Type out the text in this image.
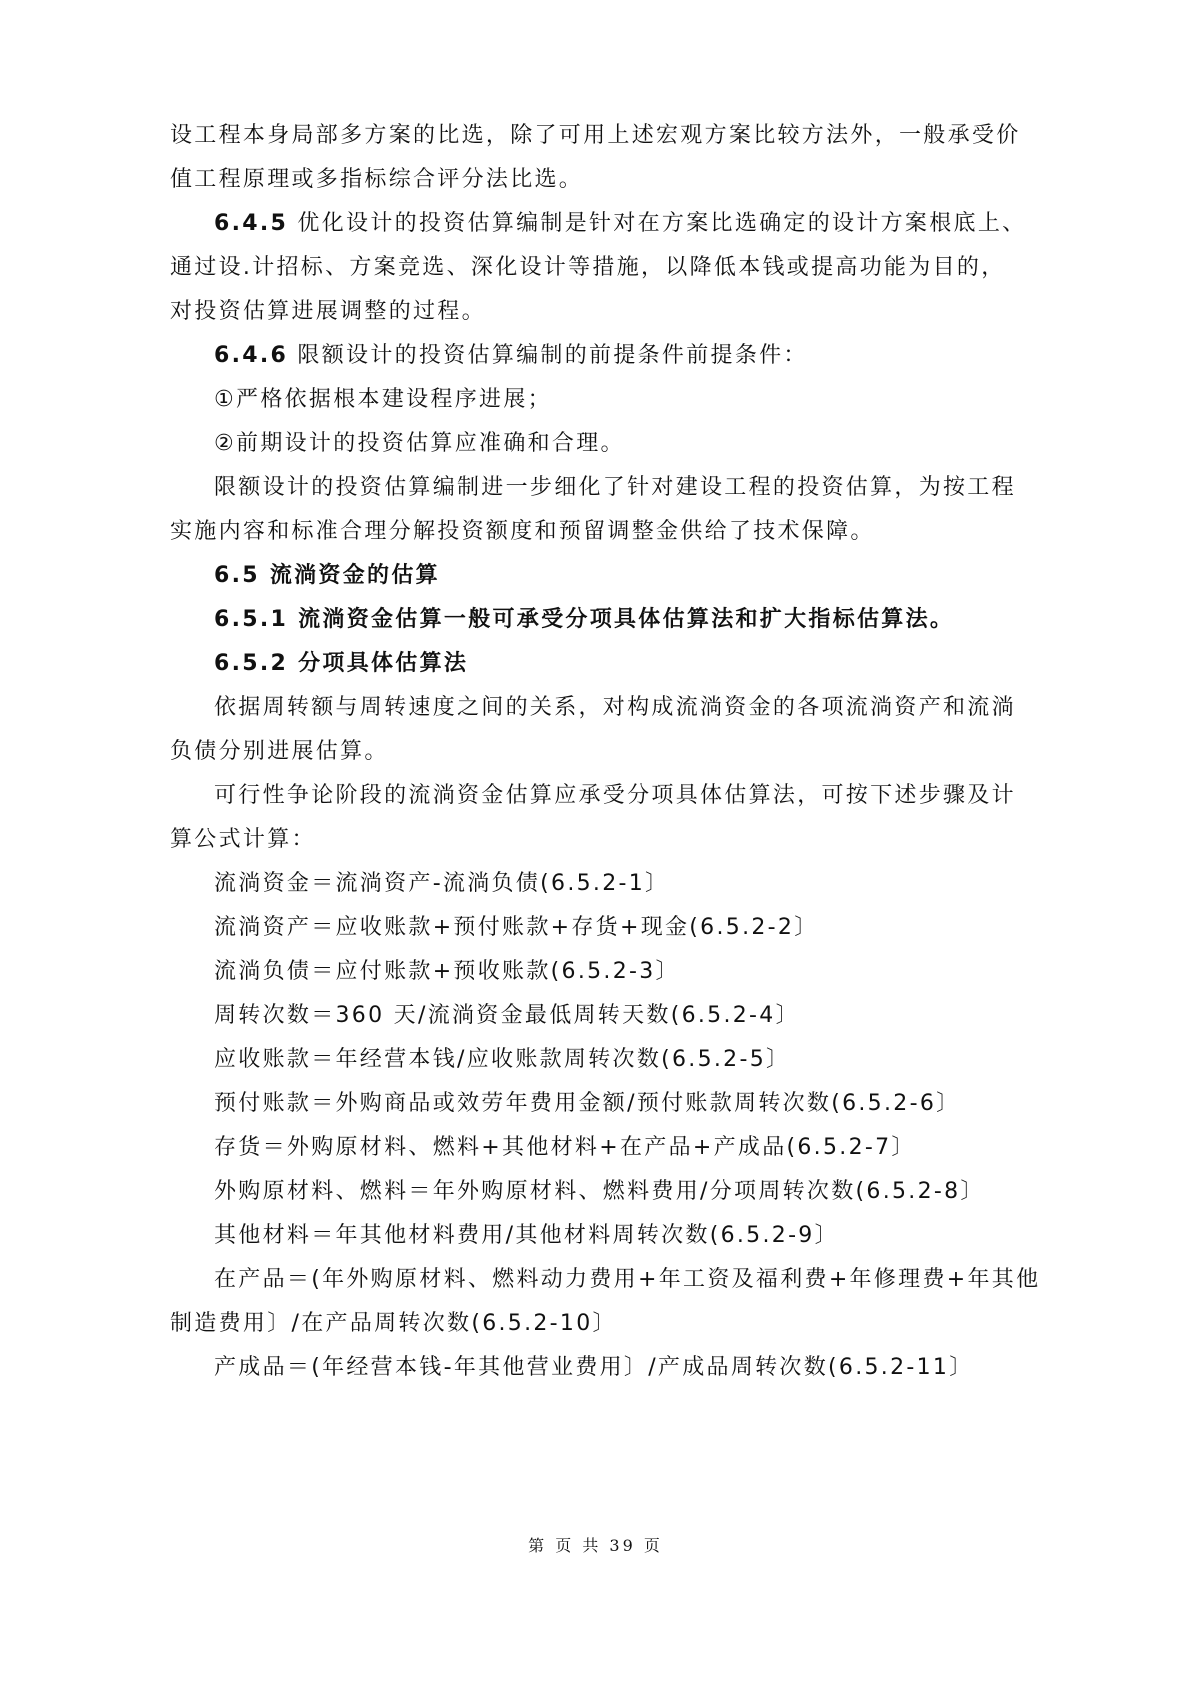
设工程本身局部多方案的比选，除了可用上述宏观方案比较方法外，一般承受价
值工程原理或多指标综合评分法比选。
6.4.5 优化设计的投资估算编制是针对在方案比选确定的设计方案根底上、
通过设.计招标、方案竞选、深化设计等措施，以降低本钱或提高功能为目的，
对投资估算进展调整的过程。
6.4.6 限额设计的投资估算编制的前提条件前提条件：
①严格依据根本建设程序进展；
②前期设计的投资估算应准确和合理。
限额设计的投资估算编制进一步细化了针对建设工程的投资估算，为按工程
实施内容和标准合理分解投资额度和预留调整金供给了技术保障。
6.5 流淌资金的估算
6.5.1 流淌资金估算一般可承受分项具体估算法和扩大指标估算法。
6.5.2 分项具体估算法
依据周转额与周转速度之间的关系，对构成流淌资金的各项流淌资产和流淌
负债分别进展估算。
可行性争论阶段的流淌资金估算应承受分项具体估算法，可按下述步骤及计
算公式计算：
流淌资金＝流淌资产-流淌负债(6.5.2-1〕
流淌资产＝应收账款+预付账款+存货+现金(6.5.2-2〕
流淌负债＝应付账款+预收账款(6.5.2-3〕
周转次数＝360 天/流淌资金最低周转天数(6.5.2-4〕
应收账款＝年经营本钱/应收账款周转次数(6.5.2-5〕
预付账款＝外购商品或效劳年费用金额/预付账款周转次数(6.5.2-6〕
存货＝外购原材料、燃料+其他材料+在产品+产成品(6.5.2-7〕
外购原材料、燃料＝年外购原材料、燃料费用/分项周转次数(6.5.2-8〕
其他材料＝年其他材料费用/其他材料周转次数(6.5.2-9〕
在产品＝(年外购原材料、燃料动力费用+年工资及福利费+年修理费+年其他
制造费用〕/在产品周转次数(6.5.2-10〕
产成品＝(年经营本钱-年其他营业费用〕/产成品周转次数(6.5.2-11〕
第 页 共 39 页
